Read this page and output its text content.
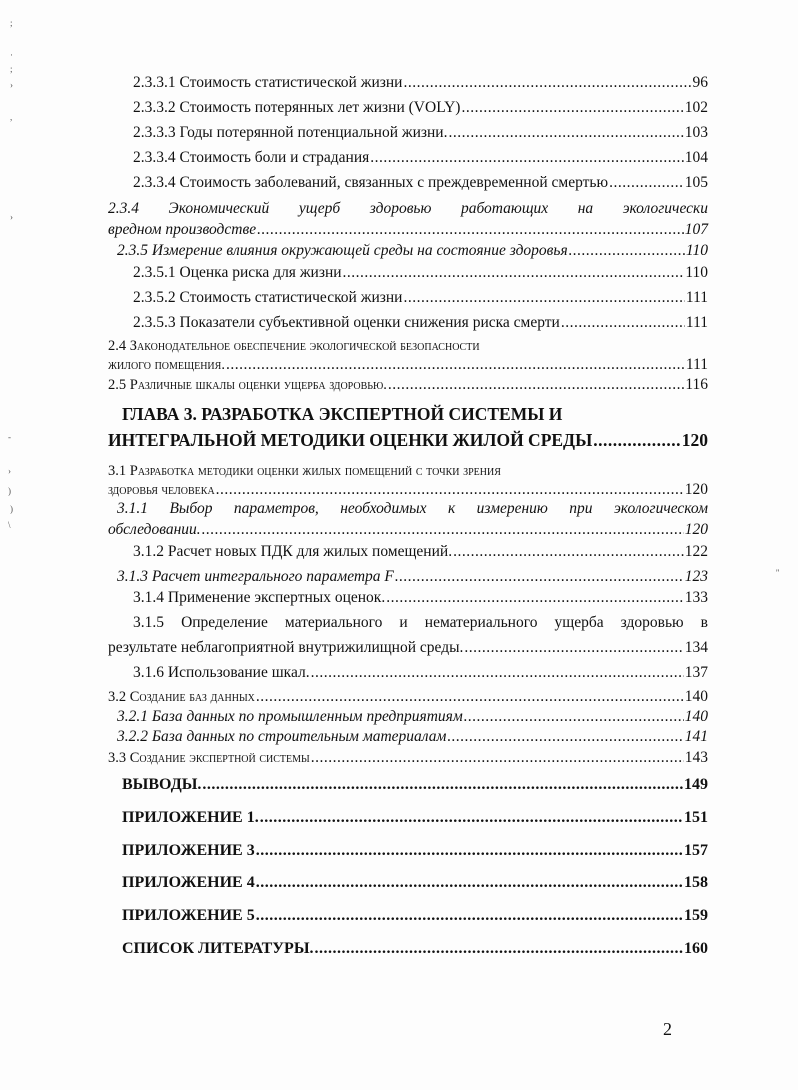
;
·
;
›
,
›
-
›
)
)
\
''
2.3.3.1 Стоимость статистической жизни .....	96
2.3.3.2 Стоимость потерянных лет жизни (VOLY) .....	102
2.3.3.3 Годы потерянной потенциальной жизни. .....	103
2.3.3.4 Стоимость боли и страдания .....	104
2.3.3.4 Стоимость заболеваний, связанных с преждевременной смертью .....	105
2.3.4 Экономический ущерб здоровью работающих на экологически
вредном производстве .....	107
2.3.5 Измерение влияния окружающей среды на состояние здоровья .....	110
2.3.5.1 Оценка риска для жизни .....	110
2.3.5.2 Стоимость статистической жизни .....	111
2.3.5.3 Показатели субъективной оценки снижения риска смерти .....	111
2.4 Законодательное обеспечение экологической безопасности
жилого помещения. .....	111
2.5 Различные шкалы оценки ущерба здоровью. .....	116
ГЛАВА 3. РАЗРАБОТКА ЭКСПЕРТНОЙ СИСТЕМЫ И
ИНТЕГРАЛЬНОЙ МЕТОДИКИ ОЦЕНКИ ЖИЛОЙ СРЕДЫ .....	120
3.1 Разработка методики оценки жилых помещений с точки зрения
здоровья человека .....	120
3.1.1 Выбор параметров, необходимых к измерению при экологическом
обследовании. .....	120
3.1.2 Расчет новых ПДК для жилых помещений. .....	122
3.1.3 Расчет интегрального параметра F .....	123
3.1.4 Применение экспертных оценок. .....	133
3.1.5 Определение материального и нематериального ущерба здоровью в
результате неблагоприятной внутрижилищной среды. .....	134
3.1.6 Использование шкал. .....	137
3.2 Создание баз данных .....	140
3.2.1 База данных по промышленным предприятиям .....	140
3.2.2 База данных по строительным материалам .....	141
3.3 Создание экспертной системы .....	143
ВЫВОДЫ. .....	149
ПРИЛОЖЕНИЕ 1. .....	151
ПРИЛОЖЕНИЕ 3 .....	157
ПРИЛОЖЕНИЕ 4 .....	158
ПРИЛОЖЕНИЕ 5 .....	159
СПИСОК ЛИТЕРАТУРЫ. .....	160
2
